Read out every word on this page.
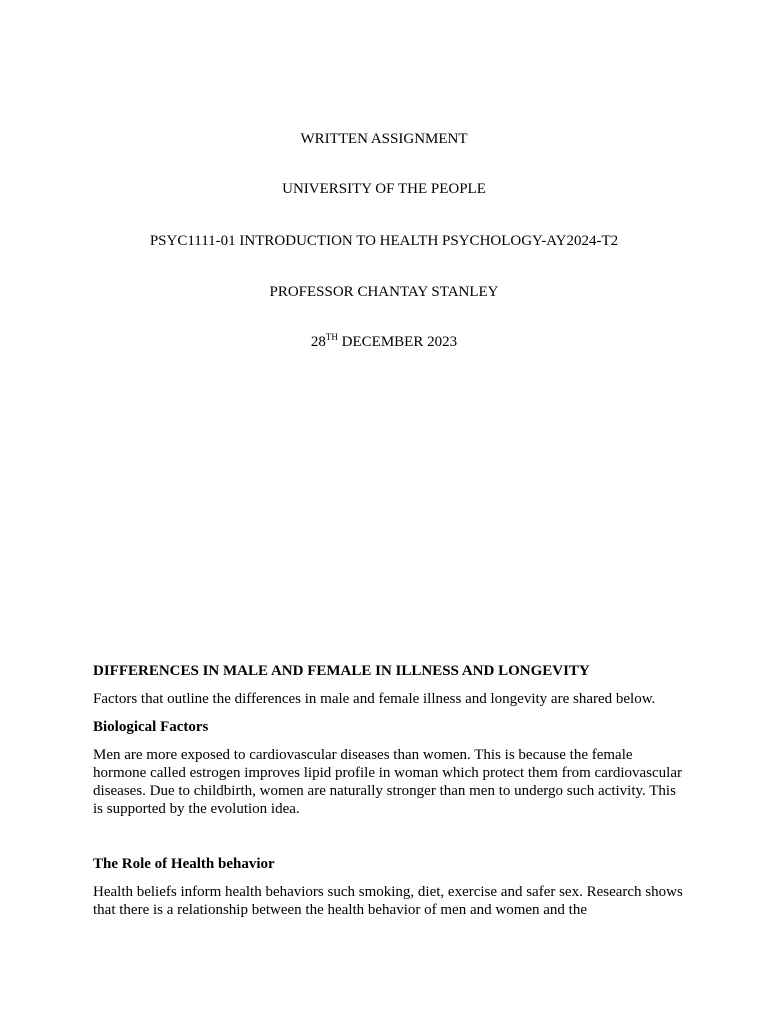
WRITTEN ASSIGNMENT
UNIVERSITY OF THE PEOPLE
PSYC1111-01 INTRODUCTION TO HEALTH PSYCHOLOGY-AY2024-T2
PROFESSOR CHANTAY STANLEY
28TH DECEMBER 2023
DIFFERENCES IN MALE AND FEMALE IN ILLNESS AND LONGEVITY

Factors that outline the differences in male and female illness and longevity are shared below.

Biological Factors

Men are more exposed to cardiovascular diseases than women. This is because the female hormone called estrogen improves lipid profile in woman which protect them from cardiovascular diseases. Due to childbirth, women are naturally stronger than men to undergo such activity. This is supported by the evolution idea.

The Role of Health behavior

Health beliefs inform health behaviors such smoking, diet, exercise and safer sex. Research shows that there is a relationship between the health behavior of men and women and the
